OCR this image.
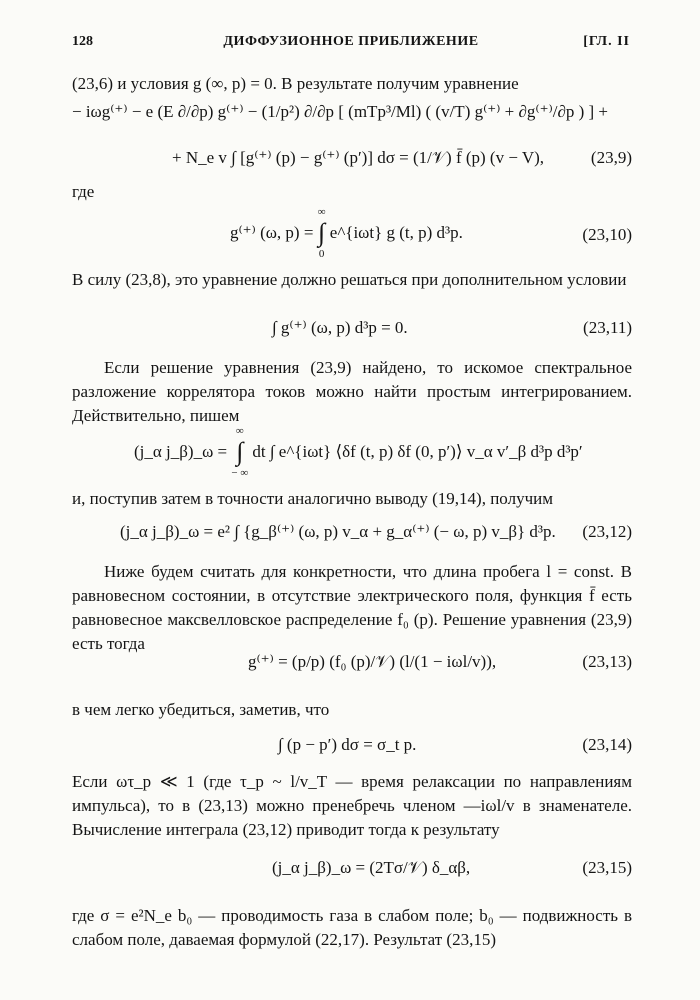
128	ДИФФУЗИОННОЕ ПРИБЛИЖЕНИЕ	[ГЛ. II
(23,6) и условия g (∞, p) = 0. В результате получим уравнение
− iωg⁽⁺⁾ − e (E ∂/∂p) g⁽⁺⁾ − (1/p²) ∂/∂p [ (mTp³/Ml) ( (v/T) g⁽⁺⁾ + ∂g⁽⁺⁾/∂p ) ] +
+ N_e v ∫ [g⁽⁺⁾ (p) − g⁽⁺⁾ (p′)] dσ = (1/𝒱) f̄ (p) (v − V),	(23,9)
где
g⁽⁺⁾ (ω, p) = ∞
∫
0 e^{iωt} g (t, p) d³p.	(23,10)
В силу (23,8), это уравнение должно решаться при дополнительном условии
∫ g⁽⁺⁾ (ω, p) d³p = 0.	(23,11)
Если решение уравнения (23,9) найдено, то искомое спектральное разложение коррелятора токов можно найти простым интегрированием. Действительно, пишем
(j_α j_β)_ω = ∞
∫
− ∞ dt ∫ e^{iωt} ⟨δf (t, p) δf (0, p′)⟩ v_α v′_β d³p d³p′
и, поступив затем в точности аналогично выводу (19,14), получим
(j_α j_β)_ω = e² ∫ {g_β⁽⁺⁾ (ω, p) v_α + g_α⁽⁺⁾ (− ω, p) v_β} d³p. (23,12)
Ниже будем считать для конкретности, что длина пробега l = const. В равновесном состоянии, в отсутствие электрического поля, функция f̄ есть равновесное максвелловское распределение f₀ (p). Решение уравнения (23,9) есть тогда
g⁽⁺⁾ = (p/p) (f₀ (p)/𝒱) (l/(1 − iωl/v)),	(23,13)
в чем легко убедиться, заметив, что
∫ (p − p′) dσ = σ_t p.	(23,14)
Если ωτ_p ≪ 1 (где τ_p ~ l/v_T — время релаксации по направлениям импульса), то в (23,13) можно пренебречь членом —iωl/v в знаменателе. Вычисление интеграла (23,12) приводит тогда к результату
(j_α j_β)_ω = (2Tσ/𝒱) δ_αβ,	(23,15)
где σ = e²N_e b₀ — проводимость газа в слабом поле; b₀ — подвижность в слабом поле, даваемая формулой (22,17). Результат (23,15)
